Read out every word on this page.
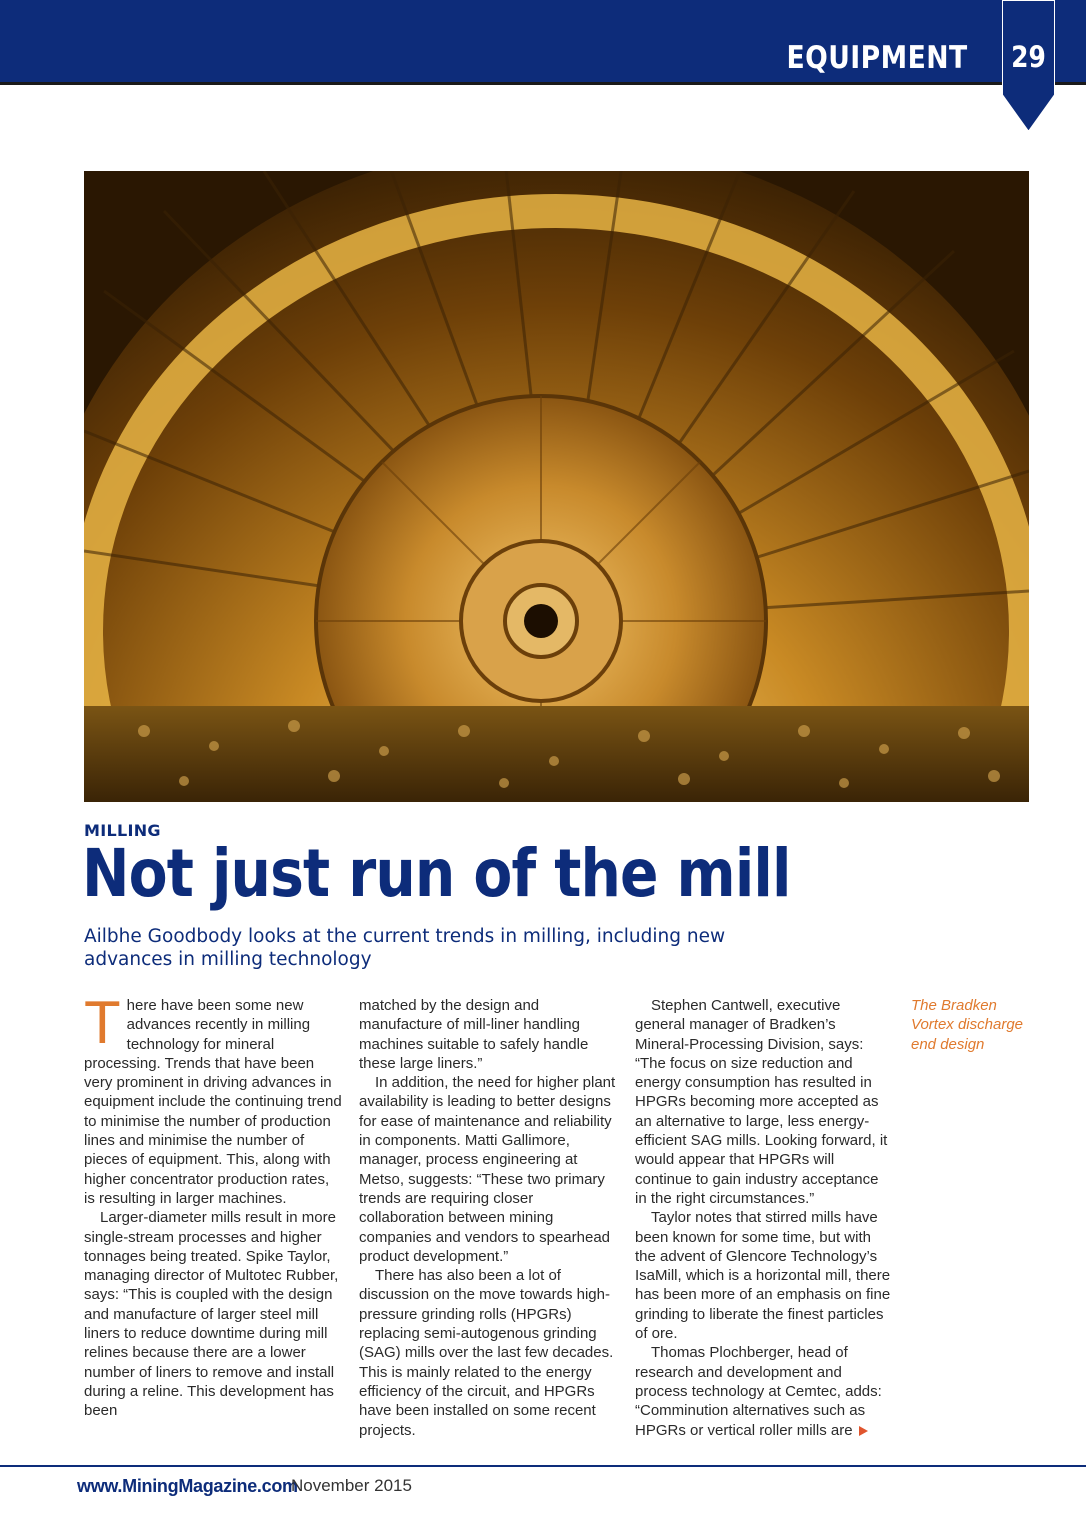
EQUIPMENT 29
MILLING
Not just run of the mill
Ailbhe Goodbody looks at the current trends in milling, including new advances in milling technology

There have been some new advances recently in milling technology for mineral processing. Trends that have been very prominent in driving advances in equipment include the continuing trend to minimise the number of production lines and minimise the number of pieces of equipment. This, along with higher concentrator production rates, is resulting in larger machines.

Larger-diameter mills result in more single-stream processes and higher tonnages being treated. Spike Taylor, managing director of Multotec Rubber, says: “This is coupled with the design and manufacture of larger steel mill liners to reduce downtime during mill relines because there are a lower number of liners to remove and install during a reline. This development has been

matched by the design and manufacture of mill-liner handling machines suitable to safely handle these large liners.”

In addition, the need for higher plant availability is leading to better designs for ease of maintenance and reliability in components. Matti Gallimore, manager, process engineering at Metso, suggests: “These two primary trends are requiring closer collaboration between mining companies and vendors to spearhead product development.”

There has also been a lot of discussion on the move towards high-pressure grinding rolls (HPGRs) replacing semi-autogenous grinding (SAG) mills over the last few decades. This is mainly related to the energy efficiency of the circuit, and HPGRs have been installed on some recent projects.

Stephen Cantwell, executive general manager of Bradken’s Mineral-Processing Division, says: “The focus on size reduction and energy consumption has resulted in HPGRs becoming more accepted as an alternative to large, less energy-efficient SAG mills. Looking forward, it would appear that HPGRs will continue to gain industry acceptance in the right circumstances.”

Taylor notes that stirred mills have been known for some time, but with the advent of Glencore Technology’s IsaMill, which is a horizontal mill, there has been more of an emphasis on fine grinding to liberate the finest particles of ore.

Thomas Plochberger, head of research and development and process technology at Cemtec, adds: “Comminution alternatives such as HPGRs or vertical roller mills are

The Bradken Vortex discharge end design
www.MiningMagazine.com
November 2015
